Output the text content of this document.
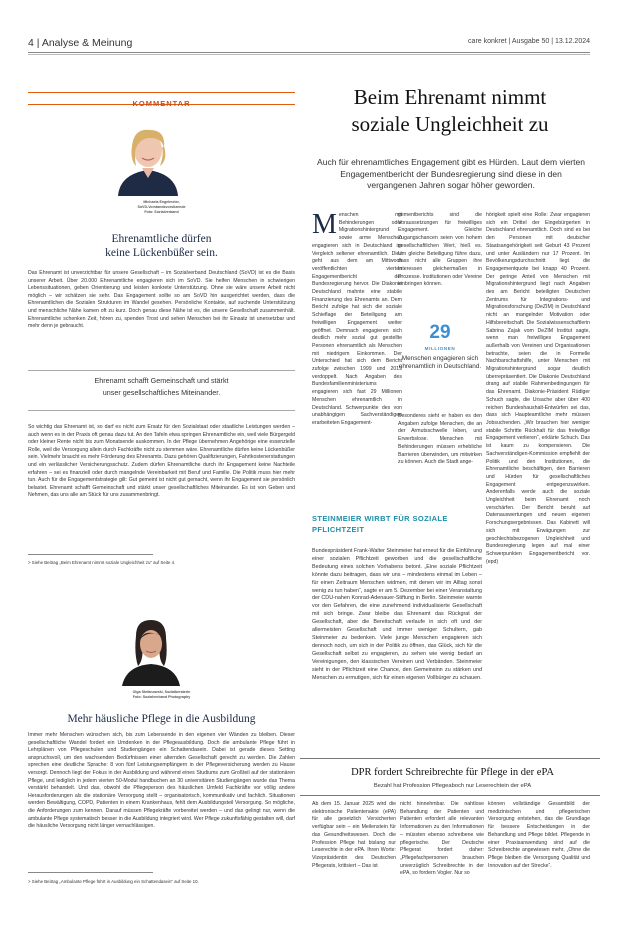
4 | Analyse & Meinung	care konkret | Ausgabe 50 | 13.12.2024
KOMMENTAR
Michaela Engelmeier,
SoVD-Vorstandsvorsitzende
Foto: Sozialverband
Ehrenamtliche dürfen
keine Lückenbüßer sein.

Das Ehrenamt ist unverzichtbar für unsere Gesellschaft – im Sozialverband Deutschland (SoVD) ist es die Basis unserer Arbeit. Über 20.000 Ehrenamtliche engagieren sich im SoVD. Sie helfen Menschen in schwierigen Lebenssituationen, geben Orientierung und leisten konkrete Unterstützung. Ohne sie wäre unsere Arbeit nicht möglich – wir schätzen sie sehr. Das Engagement sollte so am SoVD hin ausgerichtet werden, dass die Ehrenamtlichen die Sozialen Strukturen im Wandel gesehen. Persönliche Kontakte, auf suchende Unterstützung und menschliche Nähe kamen oft zu kurz. Doch genau diese Nähe ist es, die unsere Gesellschaft zusammenhält. Ehrenamtliche schenken Zeit, hören zu, spenden Trost und sehen Menschen bei ihr Einsatz ist unersetzbar und mehr denn je gebraucht.

Ehrenamt schafft Gemeinschaft und stärkt
unser gesellschaftliches Miteinander.

So wichtig das Ehrenamt ist, so darf es nicht zum Ersatz für den Sozialstaat oder staatliche Leistungen werden – auch wenn es in der Praxis oft genau dazu tut. An den Tafeln etwa springen Ehrenamtliche ein, weil viele Bürgergeld oder kleiner Rente nicht bis zum Monatsende auskommen. In der Pflege übernehmen Angehörige eine essenzielle Rolle, weil die Versorgung allein durch Fachkräfte nicht zu stemmen wäre. Ehrenamtliche dürfen keine Lückenbüßer sein. Vielmehr braucht es mehr Förderung des Ehrenamts. Dazu gehören Qualifizierungen, Fahrtkostenerstattungen und ein verlässlicher Versicherungsschutz. Zudem dürfen Ehrenamtliche durch ihr Engagement keine Nachteile erfahren – sei es finanziell oder durch mangelnde Vereinbarkeit mit Beruf und Familie. Die Politik muss hier mehr tun. Auch für die Engagementstrategie gilt: Gut gemeint ist nicht gut gemacht, wenn ihr Engagement sie persönlich belastet. Ehrenamt schafft Gemeinschaft und stärkt unser gesellschaftliches Miteinander. Es ist von Geben und Nehmen, das uns alle am Stück für uns zusammenbringt.

> Siehe Beitrag „Beim Ehrenamt nimmt soziale Ungleichheit zu“ auf Seite 4.
Olga Stefanowski, Sozialberaterin
Foto: Sozialverband Photography
Mehr häusliche Pflege in die Ausbildung

Immer mehr Menschen wünschen sich, bis zum Lebensende in den eigenen vier Wänden zu bleiben. Dieser gesellschaftliche Wandel fordert ein Umdenken in der Pflegeausbildung. Doch die ambulante Pflege führt in Lehrplänen von Pflegeschulen und Studiengängen ein Schattendasein. Dabei ist gerade dieses Setting anspruchsvoll, um den wachsenden Bedürfnissen einer alternden Gesellschaft gerecht zu werden. Die Zahlen sprechen eine deutliche Sprache: 8 von fünf Leistungsempfängern in der Pflegeversicherung werden zu Hause versorgt. Dennoch liegt der Fokus in der Ausbildung und während eines Studiums zum Großteil auf der stationären Pflege, und lediglich in jedem vierten 50-Modul handbuchen an 30 universitären Studiengängen wurde das Thema verstärkt behandelt. Und das, obwohl die Pflegeperson des häuslichen Umfeld Fachkräfte vor völlig andere Herausforderungen als die stationäre Versorgung stellt – organisatorisch, kommunikativ und fachlich. Situationen werden Bewältigung, COPD, Patienten in einem Krankenhaus, fehlt dem Ausbildungsteil Versorgung. So mögliche, die Anforderungen zum kennen. Darauf müssen Pflegekräfte vorbereitet werden – und das gelingt nur, wenn die ambulante Pflege systematisch besser in die Ausbildung integriert wird. Wer Pflege zukunftsfähig gestalten will, darf die häusliche Versorgung nicht länger vernachlässigen.

> Siehe Beitrag „Ambulante Pflege führt in Ausbildung ein Schattendasein“ auf Seite 10.
Beim Ehrenamt nimmt
soziale Ungleichheit zu
Auch für ehrenamtliches Engagement gibt es Hürden. Laut dem vierten Engagementbericht der Bundesregierung sind diese in den vergangenen Jahren sogar höher geworden.
M enschen mit Behinderungen oder Migrationshintergrund sowie arme Menschen engagieren sich in Deutschland im Vergleich seltener ehrenamtlich. Dies geht aus dem am Mittwoch veröffentlichten vierten Engagementbericht der Bundesregierung hervor. Die Diakonie Deutschland mahnte eine stabile Finanzierung des Ehrenamts an. Dem Bericht zufolge hat sich die soziale Schieflage der Beteiligung am freiwilligen Engagement weiter geöffnet. Demnach engagieren sich deutlich mehr sozial gut gestellte Personen ehrenamtlich als Menschen mit niedrigem Einkommen. Der Unterschied hat sich dem Bericht zufolge zwischen 1999 und 2019 verdoppelt. Nach Angaben des Bundesfamilienministeriums engagieren sich fast 29 Millionen Menschen ehrenamtlich in Deutschland. Schwerpunkte des von unabhängigen Sachverständigen erarbeiteten Engagement-

gementberichts sind die Voraussetzungen für freiwilliges Engagement. Gleiche Zugangschancen seien von hohem gesellschaftlichen Wert, hieß es. Um gleiche Beteiligung führe dazu, dass nicht alle Gruppen ihre Interessen gleichermaßen in Prozesse. Institutionen oder Vereine einbringen können.

29
MILLIONEN
Menschen engagieren sich ehrenamtlich in Deutschland.

Besonderes sieht er haben es den Angaben zufolge Menschen, die an der Armutsschwelle leben, und Erwerbslose. Menschen mit Behinderungen müssen erhebliche Barrieren überwinden, um mitwirken zu können. Auch die Stadt ange-

hörigkeit spielt eine Rolle: Zwar engagieren sich ein Drittel der Eingebürgerten in Deutschland ehrenamtlich. Doch sind es bei den Personen mit deutscher Staatsangehörigkeit seit Geburt 43 Prozent und unter Ausländern nur 17 Prozent. Im Bevölkerungsdurchschnitt liegt die Engagementquote bei knapp 40 Prozent. Der geringe Anteil von Menschen mit Migrationshintergrund liegt nach Angaben des am Bericht beteiligten Deutschen Zentrums für Integrations- und Migrationsforschung (DeZIM) in Deutschland nicht an mangelnder Motivation oder Hilfsbereitschaft. Die Sozialwissenschaftlerin Sabrina Zajak vom DeZIM Institut sagte, wenn man freiwilliges Engagement außerhalb von Vereinen und Organisationen betrachte, seien die in Formelle Nachbarschaftshilfe, unter Menschen mit Migrationshintergrund sogar deutlich überrepräsentiert. Die Diakonie Deutschland drang auf stabile Rahmenbedingungen für das Ehrenamt. Diakonie-Präsident Rüdiger Schuch sagte, die Ursache aber über 400 reichen Bundeshaushalt-Entwürfen sei das, dass sich Haupteamtliche mehr müssen Jobsuchenden. „Wir brauchen hier weniger stabile Schritte Rückhalt für das freiwillige Engagement verlieren“, erklärte Schuch. Das ist kaum zu kompensieren. Die Sachverständigen-Kommission empfiehlt der Politik und den Institutionen, die Ehrenamtliche beschäftigen, den Barrieren und Hürden für gesellschaftliches Engagement entgegenzuwirken. Anderenfalls werde auch die soziale Ungleichheit beim Ehrenamt noch verschärfen. Der Bericht beruht auf Datenauswertungen und neuen eigenen Forschungsergebnissen. Das Kabinett will sich mit Erwägungen zur geschlechtsbezogenen Ungleichheit und Bundesregierung legen auf mal einer Schwerpunkten Engagementbericht vor. (epd)

STEINMEIER WIRBT FÜR SOZIALE
PFLICHTZEIT

Bundespräsident Frank-Walter Steinmeier hat erneut für die Einführung einer sozialen Pflichtzeit geworben und die gesellschaftliche Bedeutung eines solchen Vorhabens betont. „Eine soziale Pflichtzeit könnte dazu beitragen, dass wir uns – mindestens einmal im Leben – für einen Zeitraum Menschen widmen, mit denen wir im Alltag sonst wenig zu tun haben“, sagte er am 5. Dezember bei einer Veranstaltung der CDU-nahen Konrad-Adenauer-Stiftung in Berlin. Steinmeier warnte vor den Gefahren, die eine zunehmend individualisierte Gesellschaft mit sich bringe. Zwar bleibe das Ehrenamt das Rückgrat der Gesellschaft, aber die Bereitschaft verlaufe in sich oft und der allermeisten Gesellschaft und immer weniger Schultern, gab Steinmeier zu bedenken. Viele junge Menschen engagieren sich dennoch noch, um sich in der Politik zu öffnen, das Glück, sich für die Gesellschaft selbst zu engagieren, zu sehen wie wenig bedarf an Vereinigungen, den klassischen Vereinen und Verbänden. Steinmeier sieht in der Pflichtzeit eine Chance, den Gemeinsinn zu stärken und Menschen zu ermutigen, sich für einen eigenen Vollbürger zu schauen.

DPR fordert Schreibrechte für Pflege in der ePA
Bezahl hat Profession Pflegeaboch nur Leserechtein der ePA

Ab dem 15. Januar 2025 wird die elektronische Patientenakte (ePA) für alle gesetzlich Versicherten verfügbar sein – ein Meilenstein für das Gesundheitswesen. Doch die Profession Pflege hat bislang nur Leserechte in der ePA. Ihren Worte: Vizepräsidentin des Deutschen Pflegerats, kritisiert – Das ist

nicht hinnehmbar. Die nahtlose Behandlung der Patienten und Patienten erfordert alle relevanten Informationen zu den Informationen – müssten ebenso schreibene wie pflegerische. Der Deutsche Pflegerat fordert daher: „Pflegefachpersonen brauchen unverzüglich Schreibrechte in der ePA, so fordern Vogler. Nur so

können vollständige Gesamtbild der medizinischen und pflegerischen Versorgung entstehen, das die Grundlage für bessere Entscheidungen in der Behandlung und Pflege bildet. Pflegende in einer Praxisanwendung sind auf die Schreibrechte angewiesen mehr, „Ohne die Pflege bleiben die Versorgung Qualität und Innovation auf der Strecke“.
